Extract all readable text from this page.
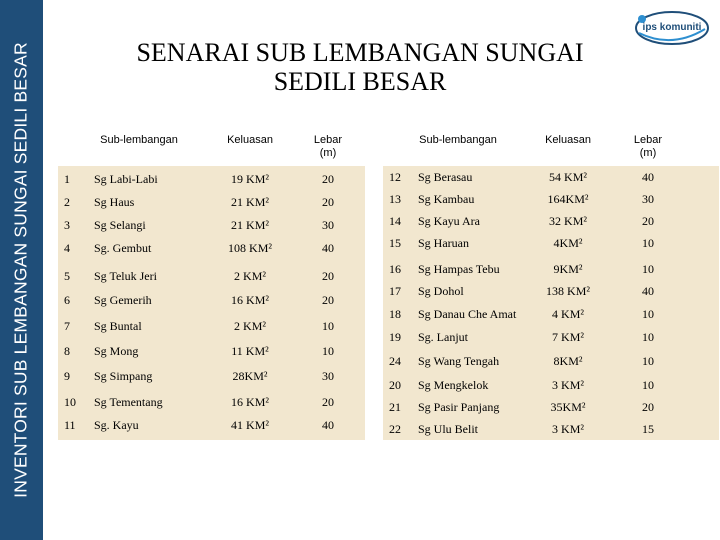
INVENTORI SUB LEMBANGAN SUNGAI SEDILI BESAR	SENARAI SUB LEMBANGAN SUNGAI
SEDILI BESAR
ips komuniti
Sub-lembangan	Keluasan	Lebar
(m)
1 Sg Labi-Labi	19 KM²	20
2 Sg Haus	21 KM²	20
3 Sg Selangi	21 KM²	30
4 Sg. Gembut	108 KM²	40
5 Sg Teluk Jeri	2 KM²	20
6 Sg Gemerih	16 KM²	20
7 Sg Buntal	2 KM²	10
8 Sg Mong	11 KM²	10
9 Sg Simpang	28KM²	30
10 Sg Tementang	16 KM²	20
11 Sg. Kayu	41 KM²	40
Sub-lembangan	Keluasan	Lebar
(m)
12 Sg Berasau	54 KM²	40
13 Sg Kambau	164KM²	30
14 Sg Kayu Ara	32 KM²	20
15 Sg Haruan	4KM²	10
16 Sg Hampas Tebu	9KM²	10
17 Sg Dohol	138 KM²	40
18 Sg Danau Che Amat	4 KM²	10
19 Sg. Lanjut	7 KM²	10
24 Sg Wang Tengah	8KM²	10
20 Sg Mengkelok	3 KM²	10
21 Sg Pasir Panjang	35KM²	20
22 Sg Ulu Belit	3 KM²	15
